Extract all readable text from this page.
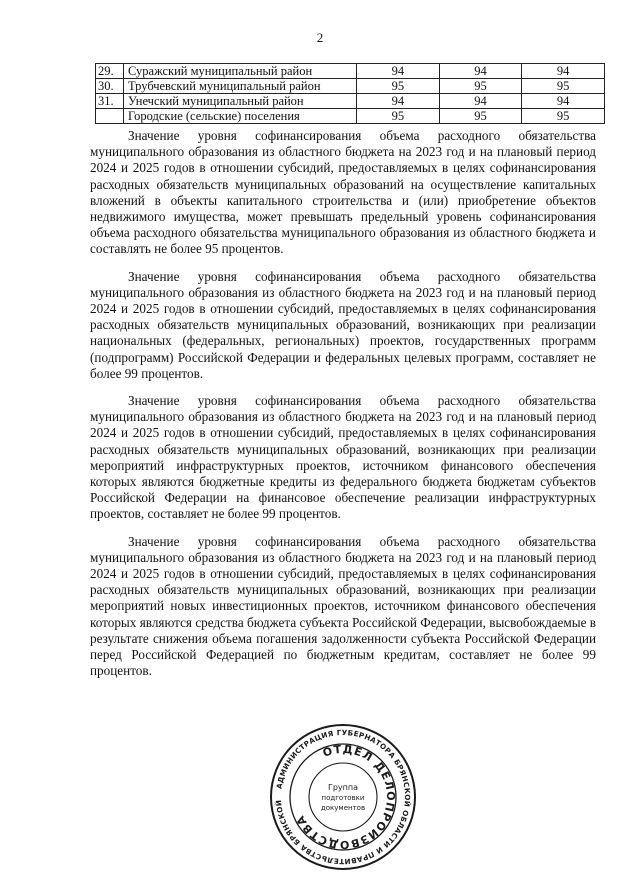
2
29.	Суражский муниципальный район	94	94	94
30.	Трубчевский муниципальный район	95	95	95
31.	Унечский муниципальный район	94	94	94
	Городские (сельские) поселения	95	95	95

Значение уровня софинансирования объема расходного обязательства муниципального образования из областного бюджета на 2023 год и на плановый период 2024 и 2025 годов в отношении субсидий, предоставляемых в целях софинансирования расходных обязательств муниципальных образований на осуществление капитальных вложений в объекты капитального строительства и (или) приобретение объектов недвижимого имущества, может превышать предельный уровень софинансирования объема расходного обязательства муниципального образования из областного бюджета и составлять не более 95 процентов.

Значение уровня софинансирования объема расходного обязательства муниципального образования из областного бюджета на 2023 год и на плановый период 2024 и 2025 годов в отношении субсидий, предоставляемых в целях софинансирования расходных обязательств муниципальных образований, возникающих при реализации национальных (федеральных, региональных) проектов, государственных программ (подпрограмм) Российской Федерации и федеральных целевых программ, составляет не более 99 процентов.

Значение уровня софинансирования объема расходного обязательства муниципального образования из областного бюджета на 2023 год и на плановый период 2024 и 2025 годов в отношении субсидий, предоставляемых в целях софинансирования расходных обязательств муниципальных образований, возникающих при реализации мероприятий инфраструктурных проектов, источником финансового обеспечения которых являются бюджетные кредиты из федерального бюджета бюджетам субъектов Российской Федерации на финансовое обеспечение реализации инфраструктурных проектов, составляет не более 99 процентов.

Значение уровня софинансирования объема расходного обязательства муниципального образования из областного бюджета на 2023 год и на плановый период 2024 и 2025 годов в отношении субсидий, предоставляемых в целях софинансирования расходных обязательств муниципальных образований, возникающих при реализации мероприятий новых инвестиционных проектов, источником финансового обеспечения которых являются средства бюджета субъекта Российской Федерации, высвобождаемые в результате снижения объема погашения задолженности субъекта Российской Федерации перед Российской Федерацией по бюджетным кредитам, составляет не более 99 процентов.

АДМИНИСТРАЦИЯ ГУБЕРНАТОРА БРЯНСКОЙ ОБЛАСТИ И ПРАВИТЕЛЬСТВА БРЯНСКОЙ
ОТДЕЛ ДЕЛОПРОИЗВОДСТВА
Группа
подготовки
документов
